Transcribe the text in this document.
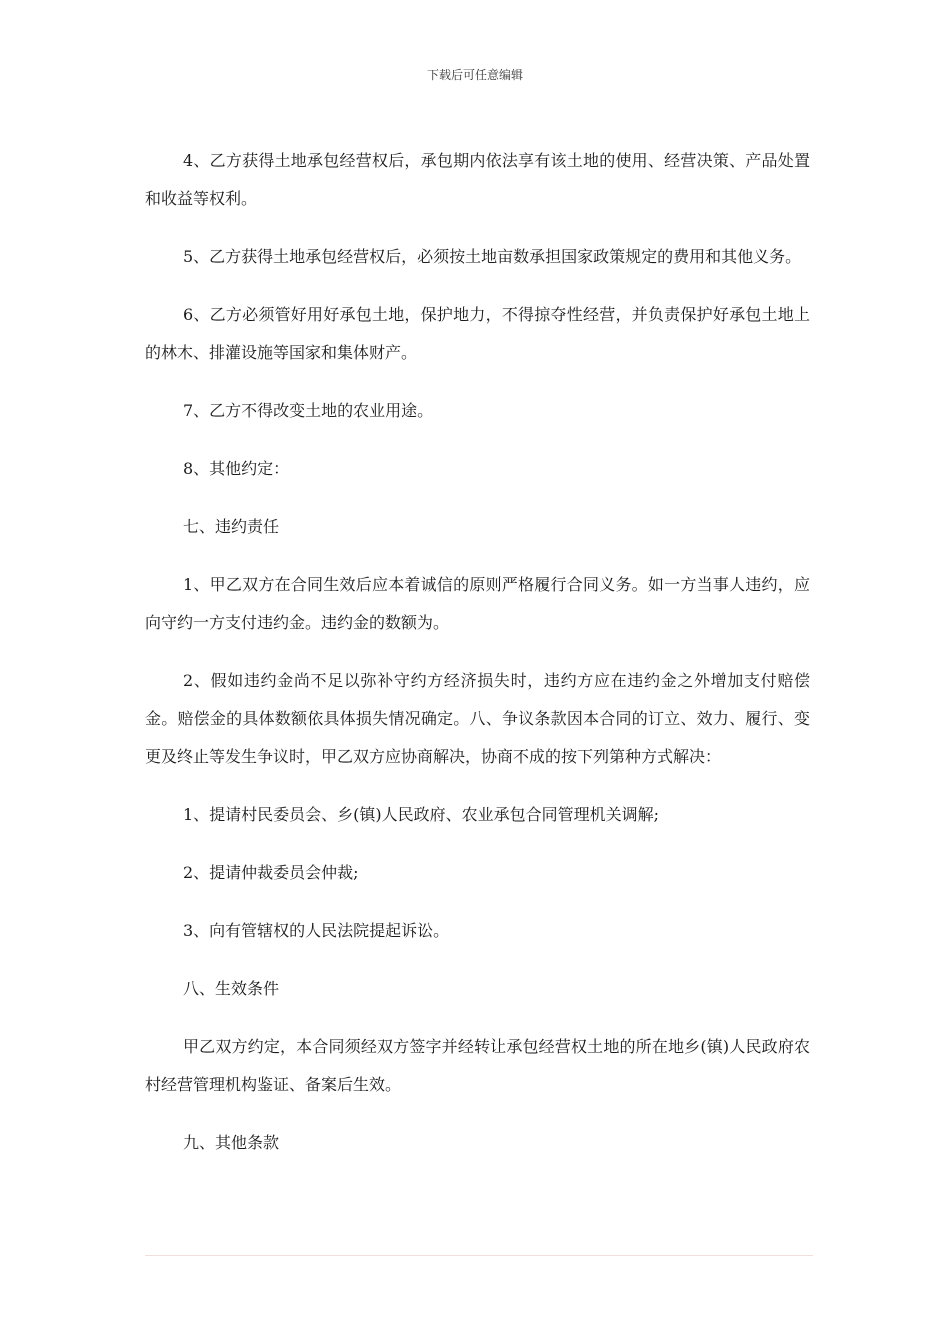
下载后可任意编辑

4、乙方获得土地承包经营权后，承包期内依法享有该土地的使用、经营决策、产品处置和收益等权利。

5、乙方获得土地承包经营权后，必须按土地亩数承担国家政策规定的费用和其他义务。

6、乙方必须管好用好承包土地，保护地力，不得掠夺性经营，并负责保护好承包土地上的林木、排灌设施等国家和集体财产。

7、乙方不得改变土地的农业用途。

8、其他约定：

七、违约责任

1、甲乙双方在合同生效后应本着诚信的原则严格履行合同义务。如一方当事人违约，应向守约一方支付违约金。违约金的数额为。

2、假如违约金尚不足以弥补守约方经济损失时，违约方应在违约金之外增加支付赔偿金。赔偿金的具体数额依具体损失情况确定。八、争议条款因本合同的订立、效力、履行、变更及终止等发生争议时，甲乙双方应协商解决，协商不成的按下列第种方式解决：

1、提请村民委员会、乡(镇)人民政府、农业承包合同管理机关调解;

2、提请仲裁委员会仲裁;

3、向有管辖权的人民法院提起诉讼。

八、生效条件

甲乙双方约定，本合同须经双方签字并经转让承包经营权土地的所在地乡(镇)人民政府农村经营管理机构鉴证、备案后生效。

九、其他条款
